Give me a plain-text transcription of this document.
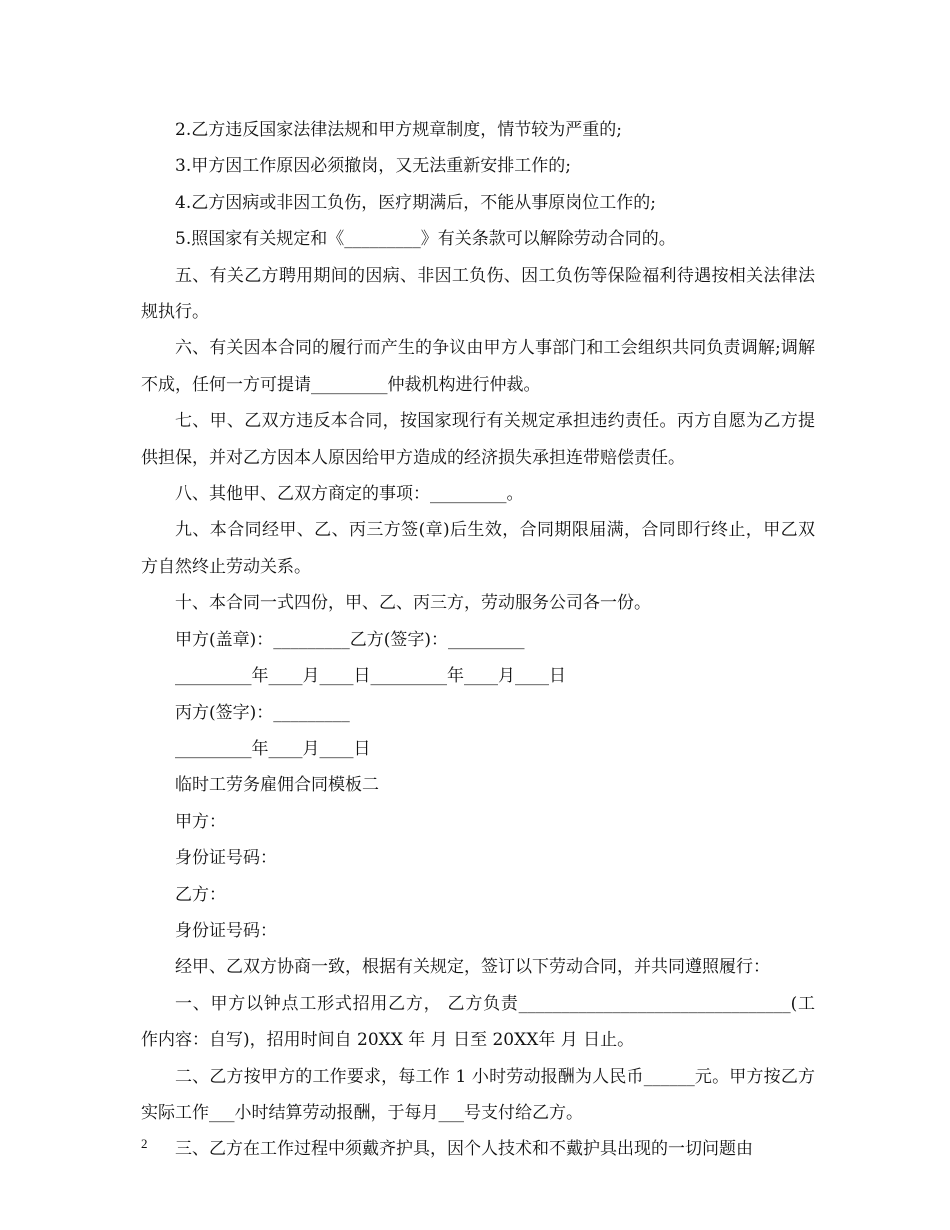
2.乙方违反国家法律法规和甲方规章制度，情节较为严重的;

3.甲方因工作原因必须撤岗，又无法重新安排工作的;

4.乙方因病或非因工负伤，医疗期满后，不能从事原岗位工作的;

5.照国家有关规定和《_________》有关条款可以解除劳动合同的。

五、有关乙方聘用期间的因病、非因工负伤、因工负伤等保险福利待遇按相关法律法规执行。

六、有关因本合同的履行而产生的争议由甲方人事部门和工会组织共同负责调解;调解不成，任何一方可提请_________仲裁机构进行仲裁。

七、甲、乙双方违反本合同，按国家现行有关规定承担违约责任。丙方自愿为乙方提供担保，并对乙方因本人原因给甲方造成的经济损失承担连带赔偿责任。

八、其他甲、乙双方商定的事项：_________。

九、本合同经甲、乙、丙三方签(章)后生效，合同期限届满，合同即行终止，甲乙双方自然终止劳动关系。

十、本合同一式四份，甲、乙、丙三方，劳动服务公司各一份。

甲方(盖章)：_________乙方(签字)：_________

_________年____月____日_________年____月____日

丙方(签字)：_________

_________年____月____日

临时工劳务雇佣合同模板二

甲方：

身份证号码：

乙方：

身份证号码：

经甲、乙双方协商一致，根据有关规定，签订以下劳动合同，并共同遵照履行：

一、甲方以钟点工形式招用乙方， 乙方负责________________________________(工作内容：自写)，招用时间自 20XX 年 月 日至 20XX年 月 日止。

二、乙方按甲方的工作要求，每工作 1 小时劳动报酬为人民币______元。甲方按乙方实际工作___小时结算劳动报酬，于每月___号支付给乙方。

三、乙方在工作过程中须戴齐护具，因个人技术和不戴护具出现的一切问题由

2
